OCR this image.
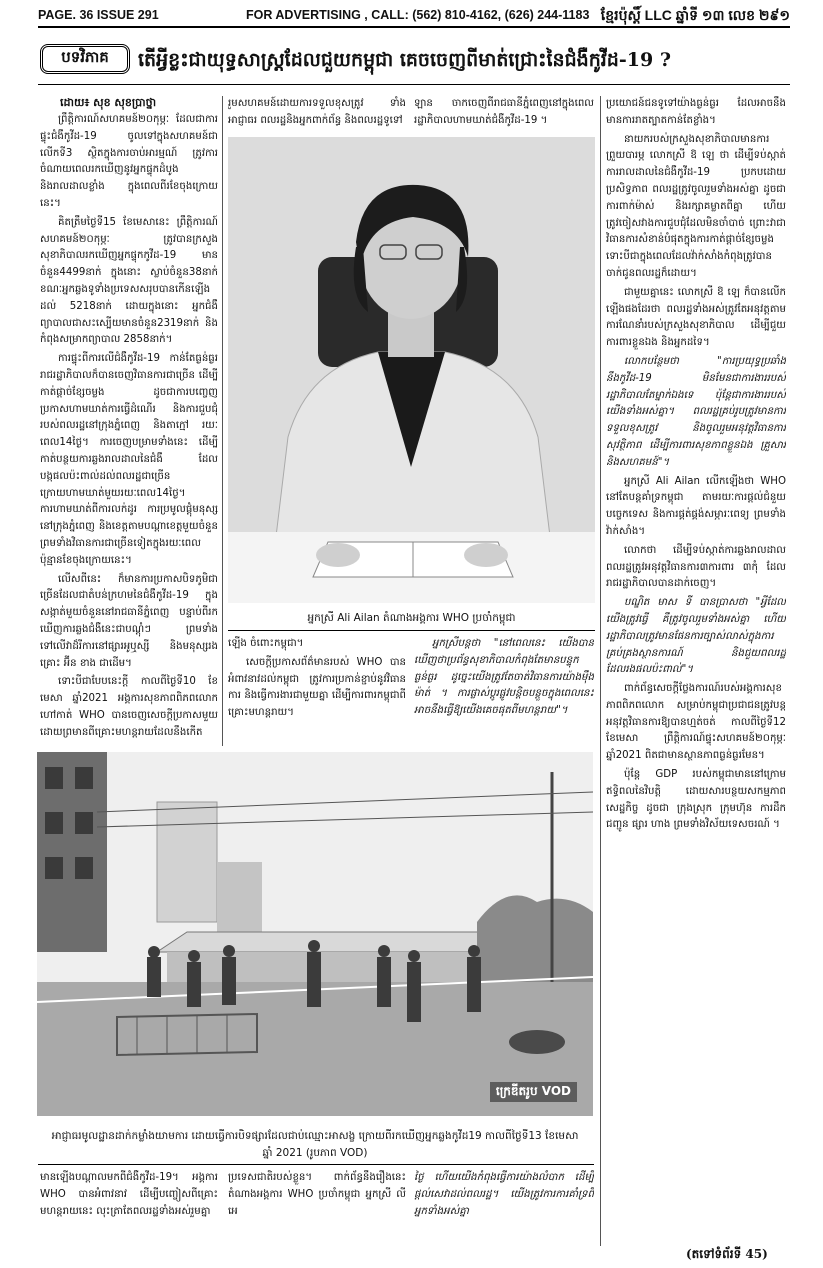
PAGE. 36 ISSUE 291	FOR ADVERTISING , CALL: (562) 810-4162, (626) 244-1183 ខ្មែរប៉ុស្ដិ៍ LLC ឆ្នាំទី ១៣ លេខ ២៩១
បទវិភាគ	តើអ្វីខ្លះជាយុទ្ធសាស្ត្រដែលជួយកម្ពុជា គេចចេញពីមាត់ជ្រោះនៃជំងឺកូវីដ-19 ?
ដោយ៖ សុខ សុខប្រាថ្នា

ព្រឹត្តិការណ៍សហគមន៍២០កុម្ភៈ ដែលជាការផ្ទុះជំងឺកូវីដ-19 ចូលទៅក្នុងសហគមន៍ជាលើកទី3 ស្ថិតក្នុងការចាប់អារម្មណ៍ ត្រូវការចំណាយពេលរកឃើញនូវអ្នកផ្ទុកដំបូង និងរាលដាលខ្លាំង ក្នុងពេលពីរខែចុងក្រោយនេះ។

គិតត្រឹមថ្ងៃទី15 ខែមេសានេះ ព្រឹត្តិការណ៍សហគមន៍២០កុម្ភៈ ត្រូវបានក្រសួងសុខាភិបាលរកឃើញអ្នកផ្ទុកកូវីដ-19 មានចំនួន4499នាក់ ក្នុងនោះ ស្លាប់ចំនួន38នាក់ ខណៈអ្នកឆ្លងទូទាំងប្រទេសសរុបបានកើនឡើងដល់ 5218នាក់ ដោយក្នុងនោះ អ្នកជំងឺព្យាបាលជាសះស្បើយមានចំនួន2319នាក់ និងកំពុងសម្រាកព្យាបាល 2858នាក់។

ការផ្ទុះពីការលើជំងឺកូវីដ-19 កាន់តែធ្ងន់ធ្ងរ រាជរដ្ឋាភិបាលក៏បានចេញវិធានការជាច្រើន ដើម្បីកាត់ផ្តាច់ខ្សែចម្លង ដូចជាការបញ្ចេញប្រកាសហាមឃាត់ការធ្វើដំណើរ និងការជួបជុំរបស់ពលរដ្ឋនៅក្រុងភ្នំពេញ និងតាក្មៅ រយៈពេល14ថ្ងៃ។ ការចេញបម្រាមទាំងនេះ ដើម្បីកាត់បន្ថយការឆ្លងរាលដាលនៃជំងឺ ដែលបង្កផលប៉ះពាល់ដល់ពលរដ្ឋជាច្រើន ក្រោយហាមឃាត់មួយរយៈពេល14ថ្ងៃ។ ការហាមឃាត់ពីការលក់ដូរ ការប្រមូលផ្តុំមនុស្សនៅក្រុងភ្នំពេញ និងខេត្តតាមបណ្តាខេត្តមួយចំនួន ព្រមទាំងវិធានការជាច្រើនទៀតក្នុងរយៈពេលប៉ុន្មានខែចុងក្រោយនេះ។

លើសពីនេះ ក៏មានការប្រកាសបិទភូមិជាច្រើនដែលជាតំបន់ក្រហមនៃជំងឺកូវីដ-19 ក្នុងសង្កាត់មួយចំនួននៅរាជធានីភ្នំពេញ បន្ទាប់ពីរកឃើញការឆ្លងជំងឺនេះជាបណ្តុំៗ ព្រមទាំងទៅលើវាដ៏រីការនៅផ្សារអូឬស្សី និងមនុស្សរងគ្រោះ អ៊ីន ខាង ជាដើម។

ទោះបីជាបែបនេះក្តី កាលពីថ្ងៃទី10 ខែមេសា ឆ្នាំ2021 អង្គការសុខភាពពិភពលោក ហៅកាត់ WHO បានចេញសេចក្តីប្រកាសមួយ ដោយព្រមានពីគ្រោះមហន្តរាយដែលនឹងកើត

រួមសហគមន៍ដោយការទទួលខុសត្រូវ ទាំងអាជ្ញាធរ ពលរដ្ឋនិងអ្នកពាក់ព័ន្ធ និងពលរដ្ឋទូទៅ

ឡាន ចាកចេញពីរាជធានីភ្នំពេញនៅក្នុងពេលរដ្ឋាភិបាលហាមឃាត់ជំងឺកូវីដ-19 ។

អ្នកស្រី Ali Ailan តំណាងអង្គការ WHO ប្រចាំកម្ពុជា

ឡើង ចំពោះកម្ពុជា។

សេចក្តីប្រកាសព័ត៌មានរបស់ WHO បានអំពាវនាវដល់កម្ពុជា ត្រូវការប្រកាន់ខ្ជាប់នូវវិធានការ និងធ្វើការងារជាមួយគ្នា ដើម្បីការពារកម្ពុជាពីគ្រោះមហន្តរាយ។

អ្នកស្រីបន្តថា "នៅពេលនេះ យើងបានឃើញថាប្រព័ន្ធសុខាភិបាលកំពុងតែមានបន្ទុកធ្ងន់ធ្ងរ ដូច្នេះយើងត្រូវតែចាត់វិធានការយ៉ាងម៉ឺងម៉ាត់ ។ ការផ្លាស់ប្តូរផ្លូវបន្តិចបន្តួចក្នុងពេលនេះ អាចនឹងធ្វើឱ្យយើងគេចផុតពីមហន្តរាយ"។

ប្រយោជន៍ជនទូទៅយ៉ាងធ្ងន់ធ្ងរ ដែលអាចនឹងមានការរាតត្បាតកាន់តែខ្លាំង។

នាយករបស់ក្រសួងសុខាភិបាលមានការព្រួយបារម្ភ លោកស្រី ឱ ឡេ ថា ដើម្បីទប់ស្កាត់ការរាលដាលនៃជំងឺកូវីដ-19 ប្រកបដោយប្រសិទ្ធភាព ពលរដ្ឋត្រូវចូលរួមទាំងអស់គ្នា ដូចជាការពាក់ម៉ាស់ និងរក្សាគម្លាតពីគ្នា ហើយត្រូវចៀសវាងការជួបជុំដែលមិនចាំបាច់ ព្រោះវាជាវិធានការសំខាន់បំផុតក្នុងការកាត់ផ្តាច់ខ្សែចម្លង ទោះបីជាក្នុងពេលដែលវ៉ាក់សាំងកំពុងត្រូវបានចាក់ជូនពលរដ្ឋក៏ដោយ។

ជាមួយគ្នានេះ លោកស្រី ឱ ឡេ ក៏បានលើកឡើងផងដែរថា ពលរដ្ឋទាំងអស់ត្រូវតែអនុវត្តតាមការណែនាំរបស់ក្រសួងសុខាភិបាល ដើម្បីជួយការពារខ្លួនឯង និងអ្នកដទៃ។

លោកបន្ថែមថា "ការប្រយុទ្ធប្រឆាំងនឹងកូវីដ-19 មិនមែនជាការងាររបស់រដ្ឋាភិបាលតែម្នាក់ឯងទេ ប៉ុន្តែជាការងាររបស់យើងទាំងអស់គ្នា។ ពលរដ្ឋគ្រប់រូបត្រូវមានការទទួលខុសត្រូវ និងចូលរួមអនុវត្តវិធានការសុវត្ថិភាព ដើម្បីការពារសុខភាពខ្លួនឯង គ្រួសារ និងសហគមន៍"។

អ្នកស្រី Ali Ailan លើកឡើងថា WHO នៅតែបន្តគាំទ្រកម្ពុជា តាមរយៈការផ្តល់ជំនួយបច្ចេកទេស និងការផ្គត់ផ្គង់សម្ភារៈពេទ្យ ព្រមទាំងវ៉ាក់សាំង។

លោកថា ដើម្បីទប់ស្កាត់ការឆ្លងរាលដាល ពលរដ្ឋត្រូវអនុវត្តវិធានការ៣ការពារ ៣កុំ ដែលរាជរដ្ឋាភិបាលបានដាក់ចេញ។

បណ្ឌិត មាស ទី បានប្រាសថា "អ្វីដែលយើងត្រូវធ្វើ គឺត្រូវចូលរួមទាំងអស់គ្នា ហើយរដ្ឋាភិបាលត្រូវមានផែនការច្បាស់លាស់ក្នុងការគ្រប់គ្រងស្ថានការណ៍ និងជួយពលរដ្ឋដែលរងផលប៉ះពាល់"។

ពាក់ព័ន្ធសេចក្តីថ្លែងការណ៍របស់អង្គការសុខភាពពិភពលោក សម្រាប់កម្ពុជាប្រជាជនត្រូវបន្តអនុវត្តវិធានការឱ្យបានហ្មត់ចត់ កាលពីថ្ងៃទី12 ខែមេសា ព្រឹត្តិការណ៍ផ្ទុះសហគមន៍២០កុម្ភៈ ឆ្នាំ2021 ពិតជាមានស្ថានភាពធ្ងន់ធ្ងរមែន។

ប៉ុន្តែ GDP របស់កម្ពុជាមាននៅក្រោមឥទ្ធិពលនៃវិបត្តិ ដោយសារបន្ថយសកម្មភាពសេដ្ឋកិច្ច ដូចជា ក្រុងស្រុក ក្រុមហ៊ុន ការដឹកជញ្ជូន ផ្សារ ហាង ព្រមទាំងវិស័យទេសចរណ៍ ។

ក្រេឌីតរូប VOD
អាជ្ញាធរមូលដ្ឋានដាក់កម្លាំងយាមការ ដោយធ្វើការបិទផ្សារដែលជាប់ឈ្មោះអាសង្ខ ក្រោយពីរកឃើញអ្នកឆ្លងកូវីដ19 កាលពីថ្ងៃទី13 ខែមេសា ឆ្នាំ 2021 (រូបភាព VOD)

មានឡើងបណ្តាលមកពីជំងឺកូវីដ-19។ អង្គការ WHO បានអំពាវនាវ ដើម្បីបញ្ចៀសពីគ្រោះមហន្តរាយនេះ លុះត្រាតែពលរដ្ឋទាំងអស់រួមគ្នា

ប្រទេសជាតិរបស់ខ្លួន។ ពាក់ព័ន្ធនឹងរឿងនេះ តំណាងអង្គការ WHO ប្រចាំកម្ពុជា អ្នកស្រី លី អេ

ថ្ងៃ ហើយយើងកំពុងធ្វើការយ៉ាងលំបាក ដើម្បីផ្តល់សេវាដល់ពលរដ្ឋ។ យើងត្រូវការការគាំទ្រពីអ្នកទាំងអស់គ្នា

(តទៅទំព័រទី 45)
